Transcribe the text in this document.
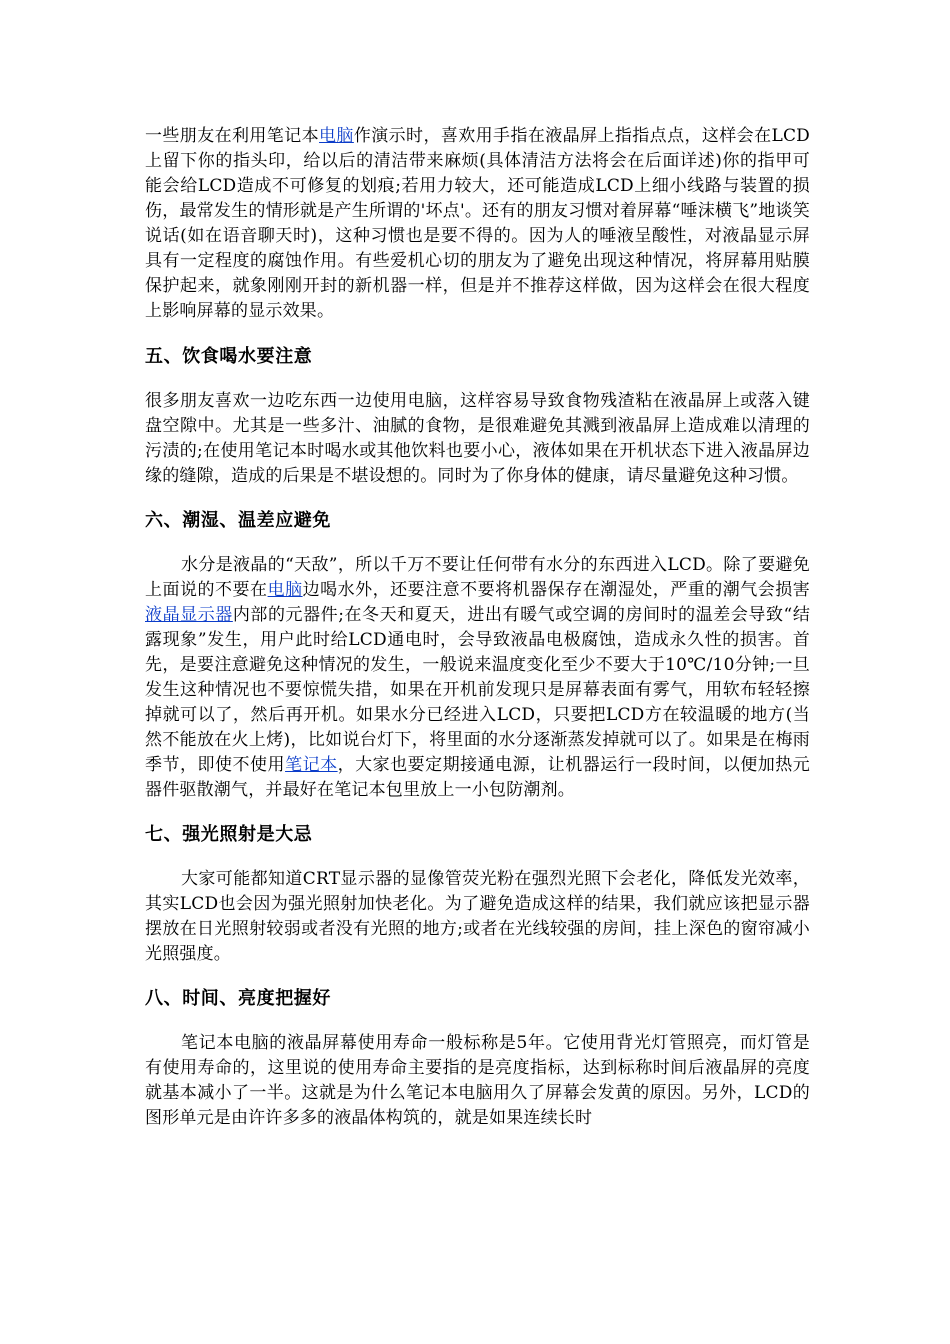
一些朋友在利用笔记本电脑作演示时，喜欢用手指在液晶屏上指指点点，这样会在LCD上留下你的指头印，给以后的清洁带来麻烦(具体清洁方法将会在后面详述)你的指甲可能会给LCD造成不可修复的划痕;若用力较大，还可能造成LCD上细小线路与装置的损伤，最常发生的情形就是产生所谓的'坏点'。还有的朋友习惯对着屏幕“唾沫横飞”地谈笑说话(如在语音聊天时)，这种习惯也是要不得的。因为人的唾液呈酸性，对液晶显示屏具有一定程度的腐蚀作用。有些爱机心切的朋友为了避免出现这种情况，将屏幕用贴膜保护起来，就象刚刚开封的新机器一样，但是并不推荐这样做，因为这样会在很大程度上影响屏幕的显示效果。

五、饮食喝水要注意

很多朋友喜欢一边吃东西一边使用电脑，这样容易导致食物残渣粘在液晶屏上或落入键盘空隙中。尤其是一些多汁、油腻的食物，是很难避免其溅到液晶屏上造成难以清理的污渍的;在使用笔记本时喝水或其他饮料也要小心，液体如果在开机状态下进入液晶屏边缘的缝隙，造成的后果是不堪设想的。同时为了你身体的健康，请尽量避免这种习惯。

六、潮湿、温差应避免

水分是液晶的“天敌”，所以千万不要让任何带有水分的东西进入LCD。除了要避免上面说的不要在电脑边喝水外，还要注意不要将机器保存在潮湿处，严重的潮气会损害液晶显示器内部的元器件;在冬天和夏天，进出有暖气或空调的房间时的温差会导致“结露现象”发生，用户此时给LCD通电时，会导致液晶电极腐蚀，造成永久性的损害。首先，是要注意避免这种情况的发生，一般说来温度变化至少不要大于10℃/10分钟;一旦发生这种情况也不要惊慌失措，如果在开机前发现只是屏幕表面有雾气，用软布轻轻擦掉就可以了，然后再开机。如果水分已经进入LCD，只要把LCD方在较温暖的地方(当然不能放在火上烤)，比如说台灯下，将里面的水分逐渐蒸发掉就可以了。如果是在梅雨季节，即使不使用笔记本，大家也要定期接通电源，让机器运行一段时间，以便加热元器件驱散潮气，并最好在笔记本包里放上一小包防潮剂。

七、强光照射是大忌

大家可能都知道CRT显示器的显像管荧光粉在强烈光照下会老化，降低发光效率，其实LCD也会因为强光照射加快老化。为了避免造成这样的结果，我们就应该把显示器摆放在日光照射较弱或者没有光照的地方;或者在光线较强的房间，挂上深色的窗帘减小光照强度。

八、时间、亮度把握好

笔记本电脑的液晶屏幕使用寿命一般标称是5年。它使用背光灯管照亮，而灯管是有使用寿命的，这里说的使用寿命主要指的是亮度指标，达到标称时间后液晶屏的亮度就基本减小了一半。这就是为什么笔记本电脑用久了屏幕会发黄的原因。另外，LCD的图形单元是由许许多多的液晶体构筑的，就是如果连续长时
